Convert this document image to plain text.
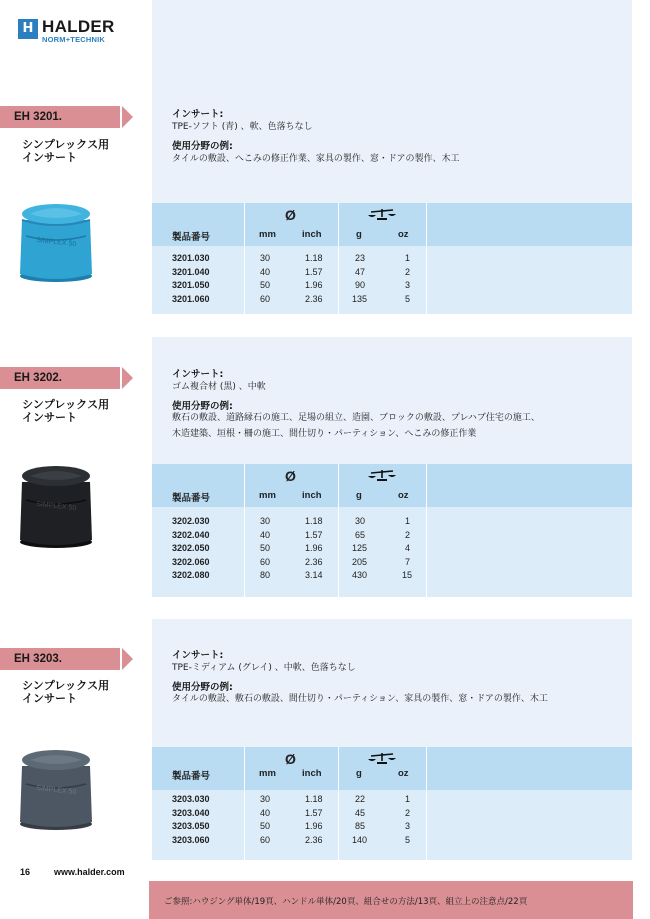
H HALDER
NORM+TECHNIK
EH 3201.
シンプレックス用
インサート
インサート:
TPE-ソフト (青) 、軟、色落ちなし
使用分野の例:
タイルの敷設、へこみの修正作業、家具の製作、窓・ドアの製作、木工
SIMPLEX 50
Ø
製品番号	mm	inch	g	oz
3201.030	30	1.18	23	1
3201.040	40	1.57	47	2
3201.050	50	1.96	90	3
3201.060	60	2.36	135	5
EH 3202.
シンプレックス用
インサート
インサート:
ゴム複合材 (黒) 、中軟
使用分野の例:
敷石の敷設、道路縁石の施工、足場の組立、造園、ブロックの敷設、プレハブ住宅の施工、
木造建築、垣根・柵の施工、間仕切り・パーティション、へこみの修正作業
SIMPLEX 50
Ø
製品番号	mm	inch	g	oz
3202.030	30	1.18	30	1
3202.040	40	1.57	65	2
3202.050	50	1.96	125	4
3202.060	60	2.36	205	7
3202.080	80	3.14	430	15
EH 3203.
シンプレックス用
インサート
インサート:
TPE-ミディアム (グレイ) 、中軟、色落ちなし
使用分野の例:
タイルの敷設、敷石の敷設、間仕切り・パーティション、家具の製作、窓・ドアの製作、木工
SIMPLEX 50
Ø
製品番号	mm	inch	g	oz
3203.030	30	1.18	22	1
3203.040	40	1.57	45	2
3203.050	50	1.96	85	3
3203.060	60	2.36	140	5
16	www.halder.com
ご参照:ハウジング単体/19頁、ハンドル単体/20頁、組合せの方法/13頁、組立上の注意点/22頁
